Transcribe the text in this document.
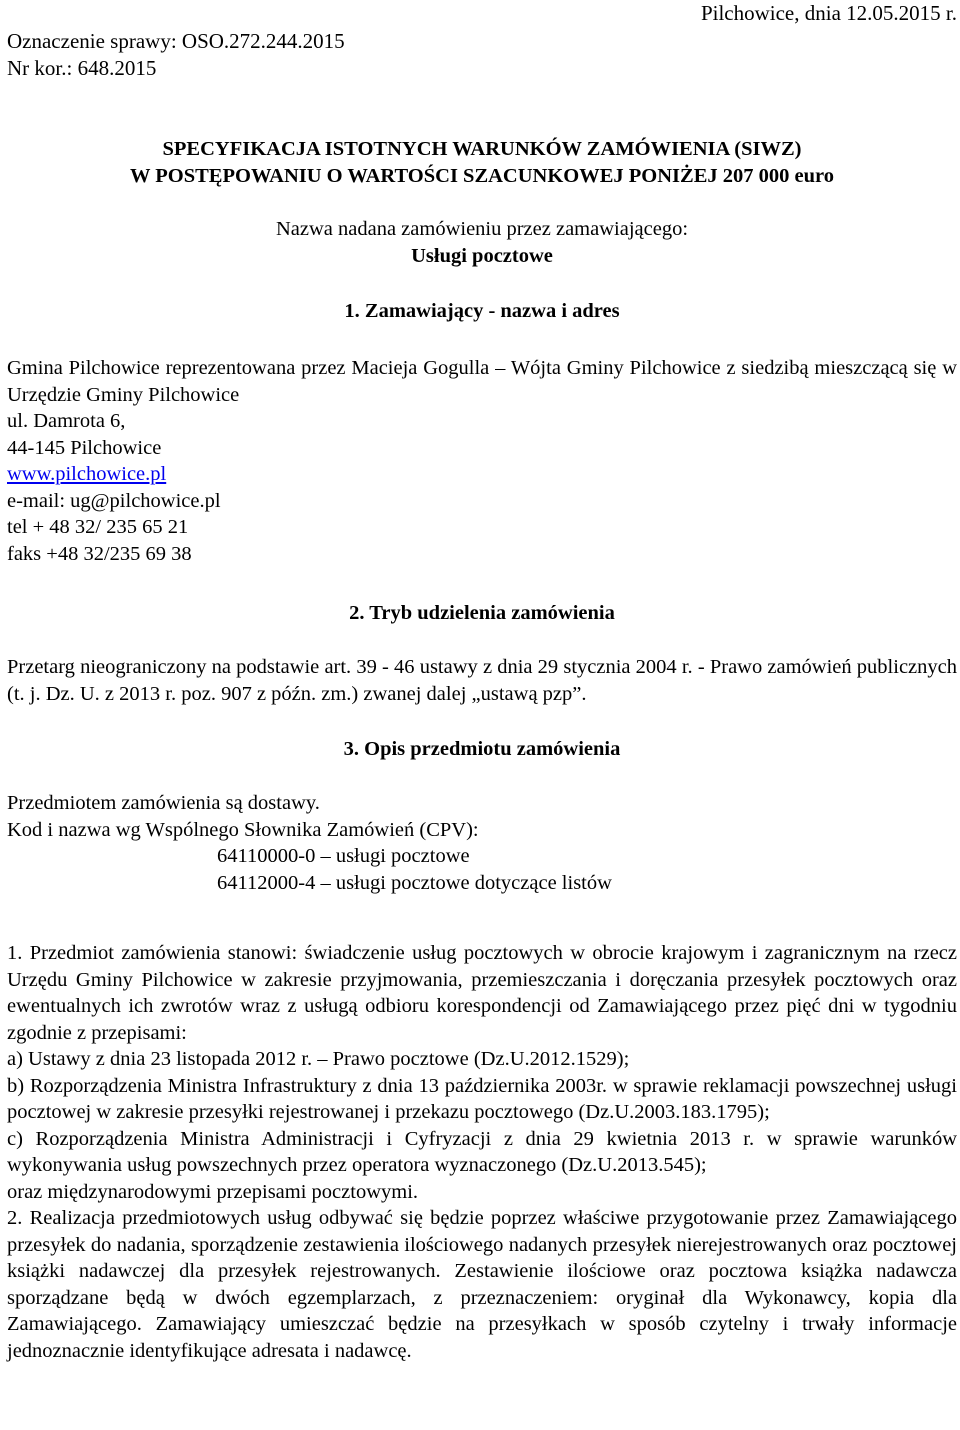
Oznaczenie sprawy: OSO.272.244.2015
Nr kor.: 648.2015
Pilchowice, dnia 12.05.2015 r.
SPECYFIKACJA ISTOTNYCH WARUNKÓW ZAMÓWIENIA (SIWZ)
W POSTĘPOWANIU O WARTOŚCI SZACUNKOWEJ PONIŻEJ 207 000 euro
Nazwa nadana zamówieniu przez zamawiającego:
Usługi pocztowe
1. Zamawiający - nazwa i adres
Gmina Pilchowice reprezentowana przez Macieja Gogulla – Wójta Gminy Pilchowice z siedzibą mieszczącą się w Urzędzie Gminy Pilchowice
ul. Damrota 6,
44-145 Pilchowice
www.pilchowice.pl
e-mail: ug@pilchowice.pl
tel + 48 32/ 235 65 21
faks +48 32/235 69 38
2. Tryb udzielenia zamówienia
Przetarg nieograniczony na podstawie art. 39 - 46 ustawy z dnia 29 stycznia 2004 r. - Prawo zamówień publicznych (t. j. Dz. U. z 2013 r. poz. 907 z późn. zm.) zwanej dalej „ustawą pzp”.
3. Opis przedmiotu zamówienia
Przedmiotem zamówienia są dostawy.
Kod i nazwa wg Wspólnego Słownika Zamówień (CPV):
64110000-0 – usługi pocztowe
64112000-4 – usługi pocztowe dotyczące listów
1. Przedmiot zamówienia stanowi: świadczenie usług pocztowych w obrocie krajowym i zagranicznym na rzecz Urzędu Gminy Pilchowice w zakresie przyjmowania, przemieszczania i doręczania przesyłek pocztowych oraz ewentualnych ich zwrotów wraz z usługą odbioru korespondencji od Zamawiającego przez pięć dni w tygodniu zgodnie z przepisami:
a) Ustawy z dnia 23 listopada 2012 r. – Prawo pocztowe (Dz.U.2012.1529);
b) Rozporządzenia Ministra Infrastruktury z dnia 13 października 2003r. w sprawie reklamacji powszechnej usługi pocztowej w zakresie przesyłki rejestrowanej i przekazu pocztowego (Dz.U.2003.183.1795);
c) Rozporządzenia Ministra Administracji i Cyfryzacji z dnia 29 kwietnia 2013 r. w sprawie warunków wykonywania usług powszechnych przez operatora wyznaczonego (Dz.U.2013.545);
oraz międzynarodowymi przepisami pocztowymi.
2. Realizacja przedmiotowych usług odbywać się będzie poprzez właściwe przygotowanie przez Zamawiającego przesyłek do nadania, sporządzenie zestawienia ilościowego nadanych przesyłek nierejestrowanych oraz pocztowej książki nadawczej dla przesyłek rejestrowanych. Zestawienie ilościowe oraz pocztowa książka nadawcza sporządzane będą w dwóch egzemplarzach, z przeznaczeniem: oryginał dla Wykonawcy, kopia dla Zamawiającego. Zamawiający umieszczać będzie na przesyłkach w sposób czytelny i trwały informacje jednoznacznie identyfikujące adresata i nadawcę.
